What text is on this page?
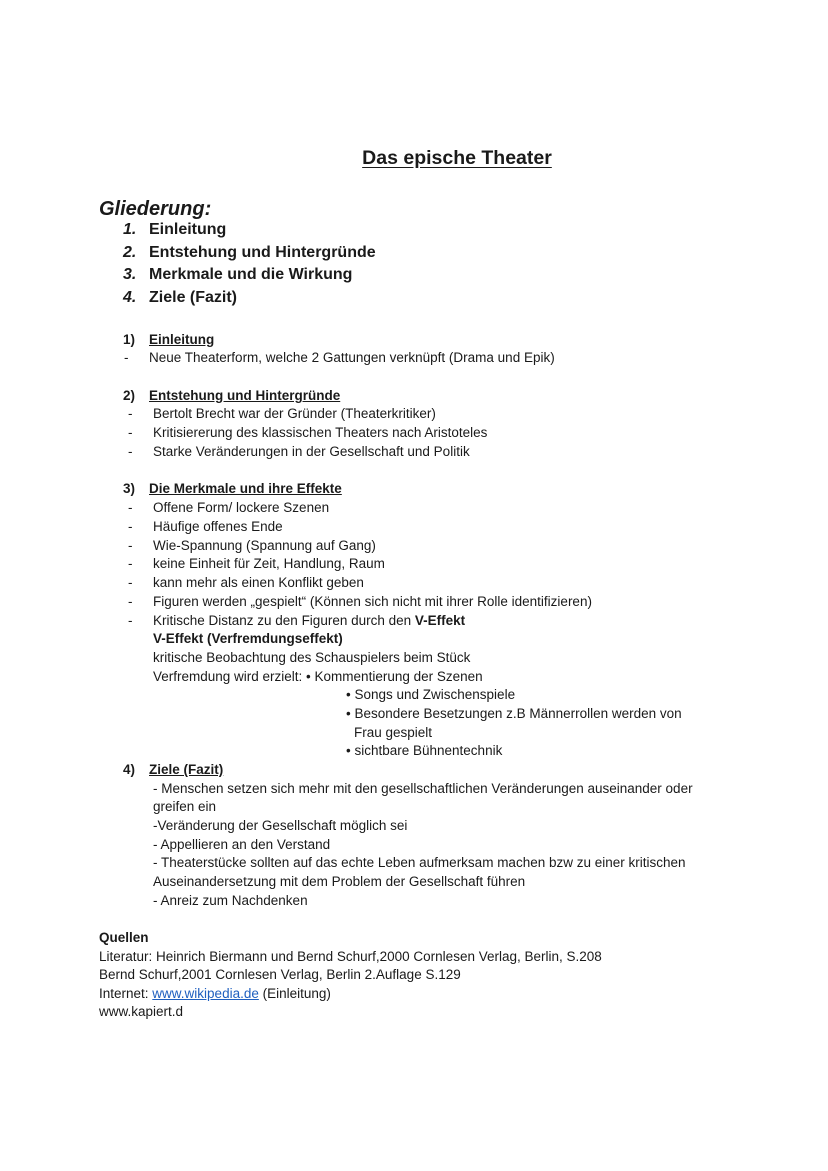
Das epische Theater
Gliederung:
1. Einleitung
2. Entstehung und Hintergründe
3. Merkmale und die Wirkung
4. Ziele (Fazit)
1) Einleitung
- Neue Theaterform, welche 2 Gattungen verknüpft (Drama und Epik)
2) Entstehung und Hintergründe
- Bertolt Brecht war der Gründer (Theaterkritiker)
- Kritisiererung des klassischen Theaters nach Aristoteles
- Starke Veränderungen in der Gesellschaft und Politik
3) Die Merkmale und ihre Effekte
- Offene Form/ lockere Szenen
- Häufige offenes Ende
- Wie-Spannung (Spannung auf Gang)
- keine Einheit für Zeit, Handlung, Raum
- kann mehr als einen Konflikt geben
- Figuren werden „gespielt“ (Können sich nicht mit ihrer Rolle identifizieren)
- Kritische Distanz zu den Figuren durch den V-Effekt
V-Effekt (Verfremdungseffekt)
kritische Beobachtung des Schauspielers beim Stück
Verfremdung wird erzielt: • Kommentierung der Szenen
• Songs und Zwischenspiele
• Besondere Besetzungen z.B Männerrollen werden von
Frau gespielt
• sichtbare Bühnentechnik
4) Ziele (Fazit)
- Menschen setzen sich mehr mit den gesellschaftlichen Veränderungen auseinander oder
greifen ein
-Veränderung der Gesellschaft möglich sei
- Appellieren an den Verstand
- Theaterstücke sollten auf das echte Leben aufmerksam machen bzw zu einer kritischen
Auseinandersetzung mit dem Problem der Gesellschaft führen
- Anreiz zum Nachdenken
Quellen
Literatur: Heinrich Biermann und Bernd Schurf,2000 Cornlesen Verlag, Berlin, S.208
Bernd Schurf,2001 Cornlesen Verlag, Berlin 2.Auflage S.129
Internet: www.wikipedia.de (Einleitung)
www.kapiert.d
